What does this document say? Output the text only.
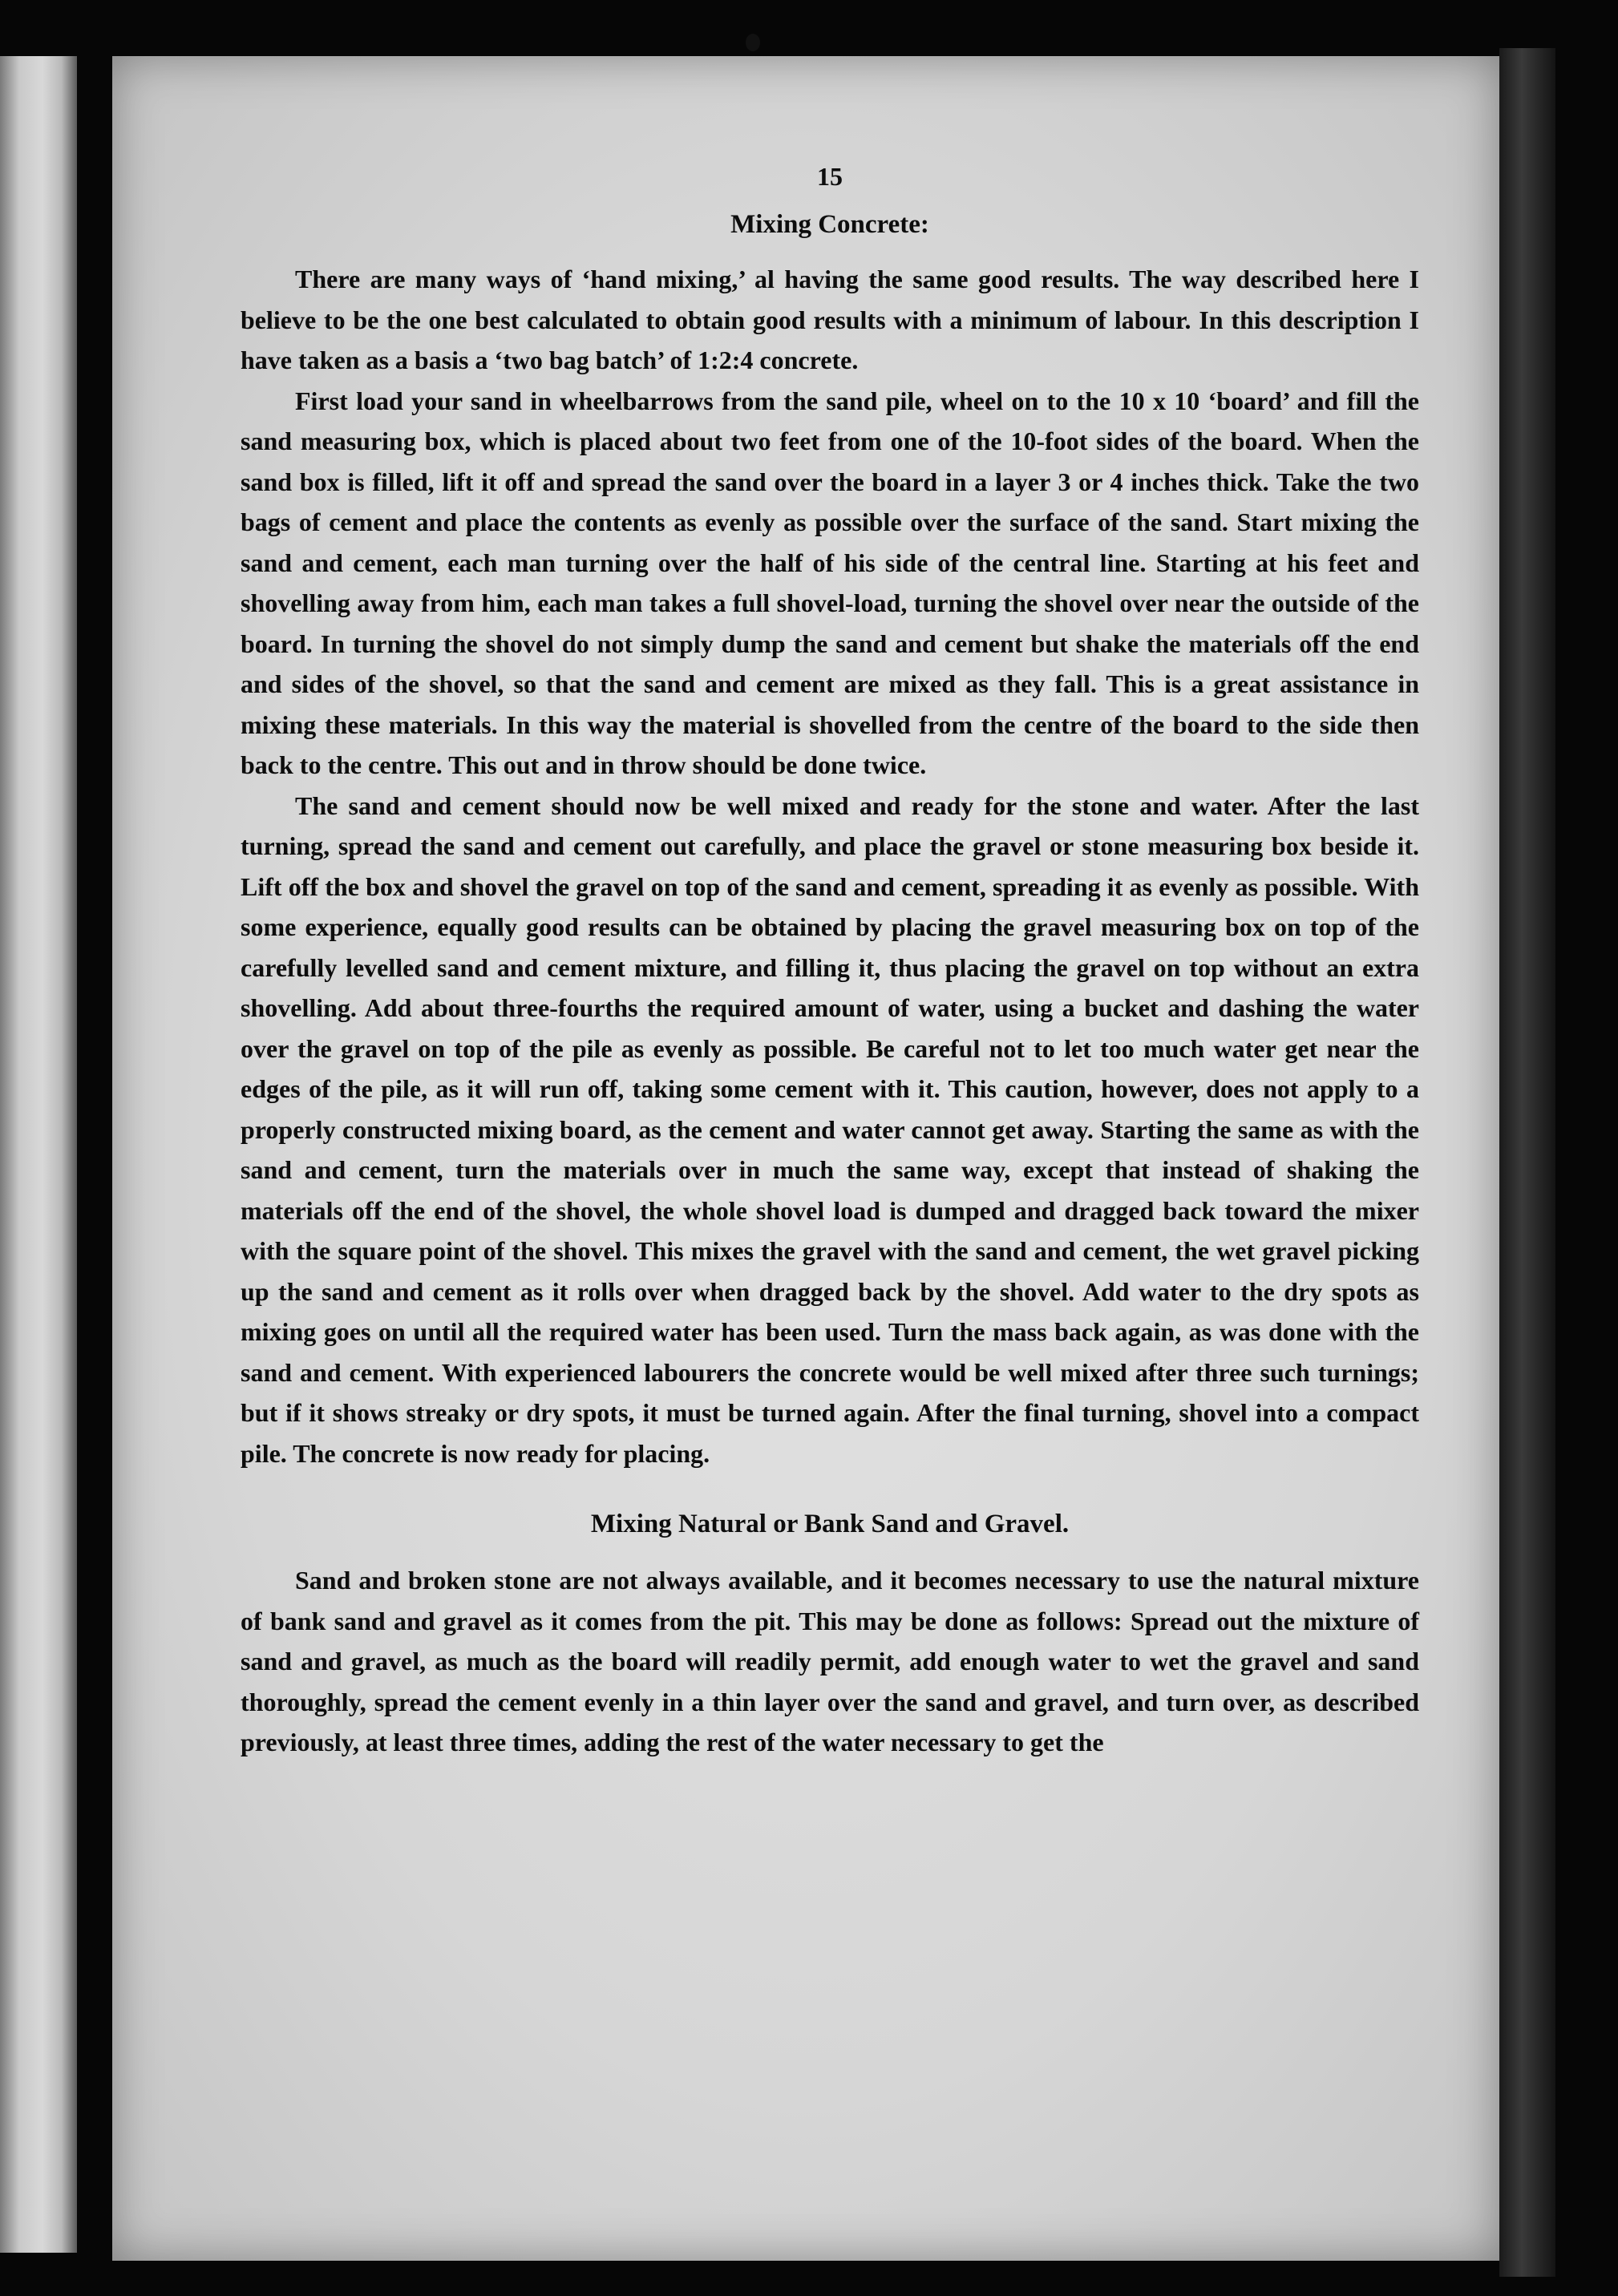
15
Mixing Concrete:

There are many ways of ‘hand mixing,’ al having the same good results. The way described here I believe to be the one best calculated to obtain good results with a minimum of labour. In this description I have taken as a basis a ‘two bag batch’ of 1:2:4 concrete.

First load your sand in wheelbarrows from the sand pile, wheel on to the 10 x 10 ‘board’ and fill the sand measuring box, which is placed about two feet from one of the 10-foot sides of the board. When the sand box is filled, lift it off and spread the sand over the board in a layer 3 or 4 inches thick. Take the two bags of cement and place the contents as evenly as possible over the surface of the sand. Start mixing the sand and cement, each man turning over the half of his side of the central line. Starting at his feet and shovelling away from him, each man takes a full shovel-load, turning the shovel over near the outside of the board. In turning the shovel do not simply dump the sand and cement but shake the materials off the end and sides of the shovel, so that the sand and cement are mixed as they fall. This is a great assistance in mixing these materials. In this way the material is shovelled from the centre of the board to the side then back to the centre. This out and in throw should be done twice.

The sand and cement should now be well mixed and ready for the stone and water. After the last turning, spread the sand and cement out carefully, and place the gravel or stone measuring box beside it. Lift off the box and shovel the gravel on top of the sand and cement, spreading it as evenly as possible. With some experience, equally good results can be obtained by placing the gravel measuring box on top of the carefully levelled sand and cement mixture, and filling it, thus placing the gravel on top without an extra shovelling. Add about three-fourths the required amount of water, using a bucket and dashing the water over the gravel on top of the pile as evenly as possible. Be careful not to let too much water get near the edges of the pile, as it will run off, taking some cement with it. This caution, however, does not apply to a properly constructed mixing board, as the cement and water cannot get away. Starting the same as with the sand and cement, turn the materials over in much the same way, except that instead of shaking the materials off the end of the shovel, the whole shovel load is dumped and dragged back toward the mixer with the square point of the shovel. This mixes the gravel with the sand and cement, the wet gravel picking up the sand and cement as it rolls over when dragged back by the shovel. Add water to the dry spots as mixing goes on until all the required water has been used. Turn the mass back again, as was done with the sand and cement. With experienced labourers the concrete would be well mixed after three such turnings; but if it shows streaky or dry spots, it must be turned again. After the final turning, shovel into a compact pile. The concrete is now ready for placing.

Mixing Natural or Bank Sand and Gravel.

Sand and broken stone are not always available, and it becomes necessary to use the natural mixture of bank sand and gravel as it comes from the pit. This may be done as follows: Spread out the mixture of sand and gravel, as much as the board will readily permit, add enough water to wet the gravel and sand thoroughly, spread the cement evenly in a thin layer over the sand and gravel, and turn over, as described previously, at least three times, adding the rest of the water necessary to get the
